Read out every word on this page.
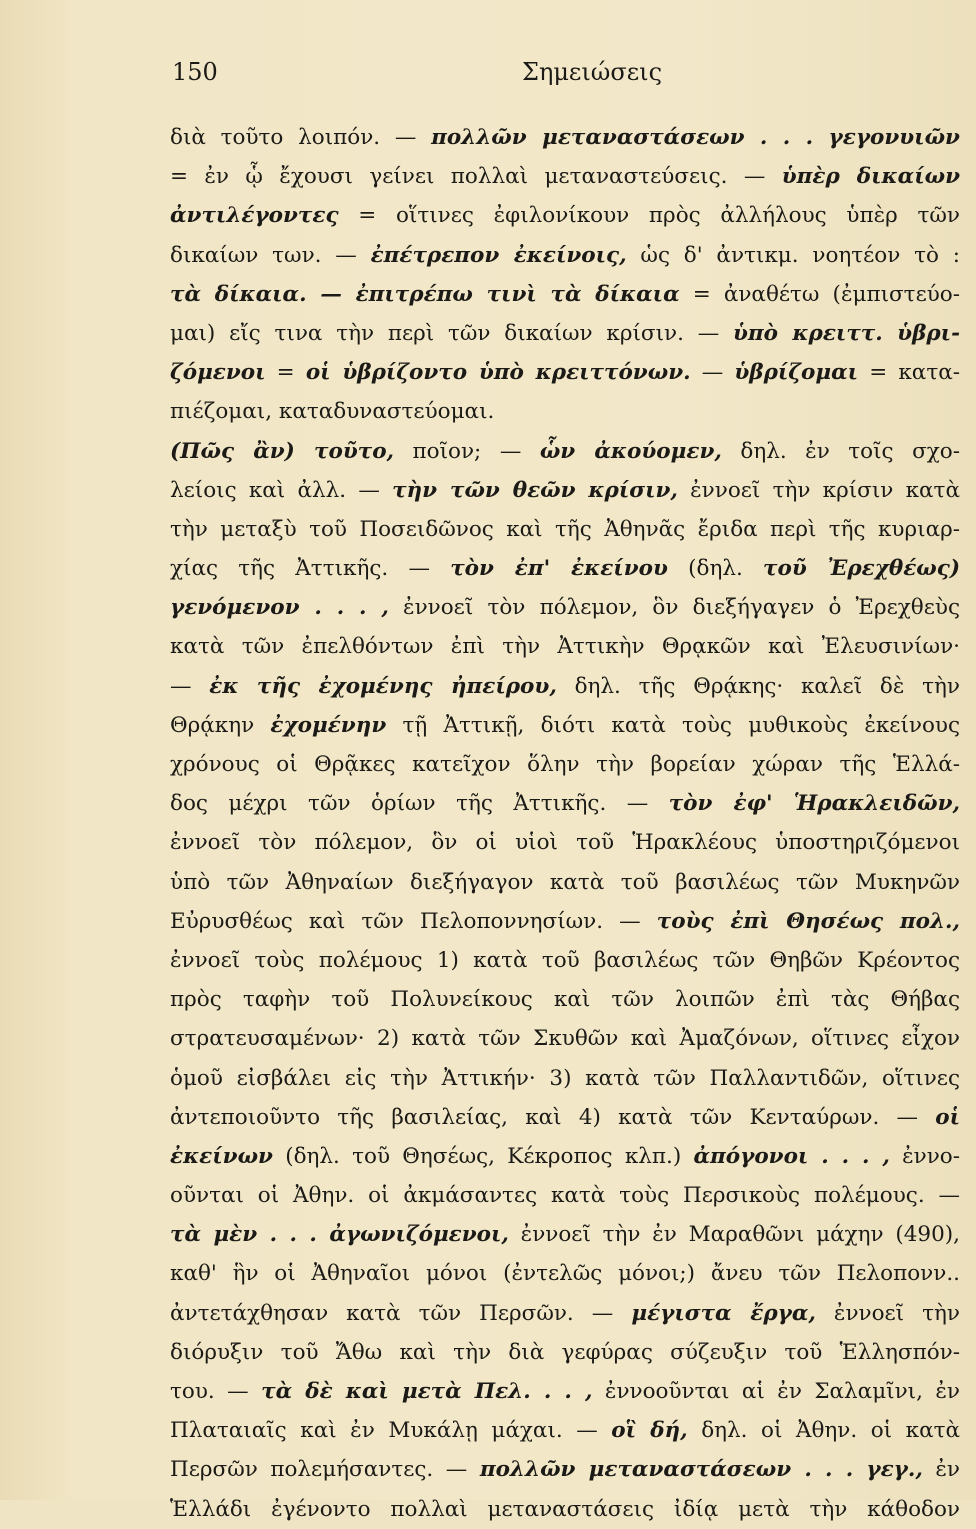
150	Σημειώσεις
διὰ τοῦτο λοιπόν. — πολλῶν μεταναστάσεων . . . γεγονυιῶν
= ἐν ᾧ ἔχουσι γείνει πολλαὶ μεταναστεύσεις. — ὑπὲρ δικαίων
ἀντιλέγοντες = οἵτινες ἐφιλονίκουν πρὸς ἀλλήλους ὑπὲρ τῶν
δικαίων των. — ἐπέτρεπον ἐκείνοις, ὡς δ' ἀντικμ. νοητέον τὸ :
τὰ δίκαια. — ἐπιτρέπω τινὶ τὰ δίκαια = ἀναθέτω (ἐμπιστεύο-
μαι) εἴς τινα τὴν περὶ τῶν δικαίων κρίσιν. — ὑπὸ κρειττ. ὑβρι-
ζόμενοι = οἱ ὑβρίζοντο ὑπὸ κρειττόνων. — ὑβρίζομαι = κατα-
πιέζομαι, καταδυναστεύομαι.
(Πῶς ἂν) τοῦτο, ποῖον; — ὧν ἀκούομεν, δηλ. ἐν τοῖς σχο-
λείοις καὶ ἀλλ. — τὴν τῶν θεῶν κρίσιν, ἐννοεῖ τὴν κρίσιν κατὰ
τὴν μεταξὺ τοῦ Ποσειδῶνος καὶ τῆς Ἀθηνᾶς ἔριδα περὶ τῆς κυριαρ-
χίας τῆς Ἀττικῆς. — τὸν ἐπ' ἐκείνου (δηλ. τοῦ Ἐρεχθέως)
γενόμενον . . . , ἐννοεῖ τὸν πόλεμον, ὃν διεξήγαγεν ὁ Ἐρεχθεὺς
κατὰ τῶν ἐπελθόντων ἐπὶ τὴν Ἀττικὴν Θρᾳκῶν καὶ Ἐλευσινίων·
— ἐκ τῆς ἐχομένης ἠπείρου, δηλ. τῆς Θρᾴκης· καλεῖ δὲ τὴν
Θρᾴκην ἐχομένην τῇ Ἀττικῇ, διότι κατὰ τοὺς μυθικοὺς ἐκείνους
χρόνους οἱ Θρᾷκες κατεῖχον ὅλην τὴν βορείαν χώραν τῆς Ἑλλά-
δος μέχρι τῶν ὁρίων τῆς Ἀττικῆς. — τὸν ἐφ' Ἡρακλειδῶν,
ἐννοεῖ τὸν πόλεμον, ὃν οἱ υἱοὶ τοῦ Ἡρακλέους ὑποστηριζόμενοι
ὑπὸ τῶν Ἀθηναίων διεξήγαγον κατὰ τοῦ βασιλέως τῶν Μυκηνῶν
Εὐρυσθέως καὶ τῶν Πελοποννησίων. — τοὺς ἐπὶ Θησέως πολ.,
ἐννοεῖ τοὺς πολέμους 1) κατὰ τοῦ βασιλέως τῶν Θηβῶν Κρέοντος
πρὸς ταφὴν τοῦ Πολυνείκους καὶ τῶν λοιπῶν ἐπὶ τὰς Θήβας
στρατευσαμένων· 2) κατὰ τῶν Σκυθῶν καὶ Ἀμαζόνων, οἵτινες εἶχον
ὁμοῦ εἰσβάλει εἰς τὴν Ἀττικήν· 3) κατὰ τῶν Παλλαντιδῶν, οἵτινες
ἀντεποιοῦντο τῆς βασιλείας, καὶ 4) κατὰ τῶν Κενταύρων. — οἱ
ἐκείνων (δηλ. τοῦ Θησέως, Κέκροπος κλπ.) ἀπόγονοι . . . , ἐννο-
οῦνται οἱ Ἀθην. οἱ ἀκμάσαντες κατὰ τοὺς Περσικοὺς πολέμους. —
τὰ μὲν . . . ἀγωνιζόμενοι, ἐννοεῖ τὴν ἐν Μαραθῶνι μάχην (490),
καθ' ἣν οἱ Ἀθηναῖοι μόνοι (ἐντελῶς μόνοι;) ἄνευ τῶν Πελοπονν..
ἀντετάχθησαν κατὰ τῶν Περσῶν. — μέγιστα ἔργα, ἐννοεῖ τὴν
διόρυξιν τοῦ Ἄθω καὶ τὴν διὰ γεφύρας σύζευξιν τοῦ Ἑλλησπόν-
του. — τὰ δὲ καὶ μετὰ Πελ. . . , ἐννοοῦνται αἱ ἐν Σαλαμῖνι, ἐν
Πλαταιαῖς καὶ ἐν Μυκάλῃ μάχαι. — οἳ δή, δηλ. οἱ Ἀθην. οἱ κατὰ
Περσῶν πολεμήσαντες. — πολλῶν μεταναστάσεων . . . γεγ., ἐν
Ἑλλάδι ἐγένοντο πολλαὶ μεταναστάσεις ἰδίᾳ μετὰ τὴν κάθοδον
